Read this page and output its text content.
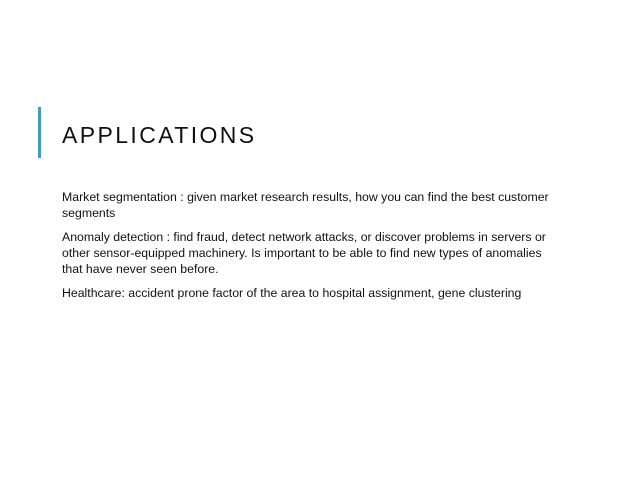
APPLICATIONS

Market segmentation : given market research results, how you can find the best customer segments

Anomaly detection : find fraud, detect network attacks, or discover problems in servers or other sensor-equipped machinery. Is important to be able to find new types of anomalies that have never seen before.

Healthcare: accident prone factor of the area to hospital assignment, gene clustering
